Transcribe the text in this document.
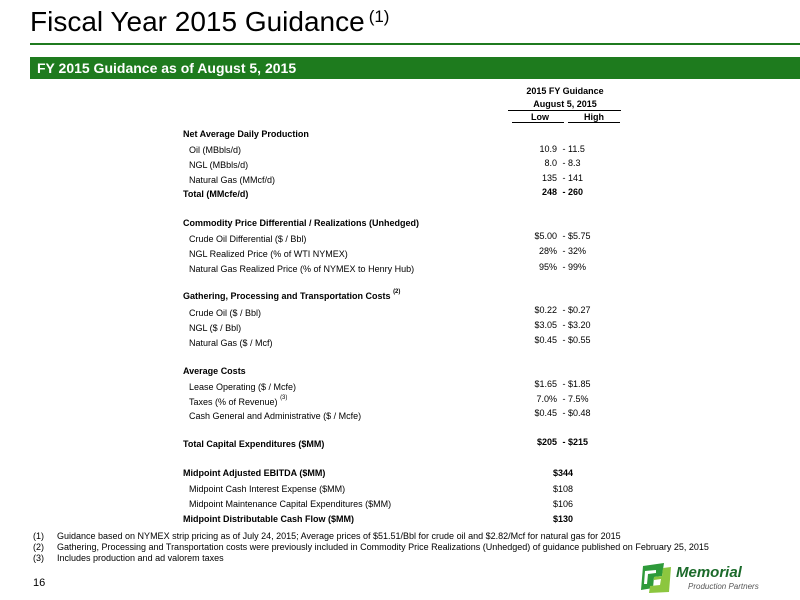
Fiscal Year 2015 Guidance $^{(1)}$
FY 2015 Guidance as of August 5, 2015
2015 FY Guidance
August 5, 2015
Low	High
Net Average Daily Production
Oil (MBbls/d)	10.9 - 11.5
NGL (MBbls/d)	8.0 - 8.3
Natural Gas (MMcf/d)	135 - 141
Total (MMcfe/d)	248 - 260
Commodity Price Differential / Realizations (Unhedged)
Crude Oil Differential ($ / Bbl)	$5.00 - $5.75
NGL Realized Price (% of WTI NYMEX)	28% - 32%
Natural Gas Realized Price (% of NYMEX to Henry Hub)	95% - 99%
Gathering, Processing and Transportation Costs $^{(2)}$
Crude Oil ($ / Bbl)	$0.22 - $0.27
NGL ($ / Bbl)	$3.05 - $3.20
Natural Gas ($ / Mcf)	$0.45 - $0.55
Average Costs
Lease Operating ($ / Mcfe)	$1.65 - $1.85
Taxes (% of Revenue) $^{(3)}$	7.0% - 7.5%
Cash General and Administrative ($ / Mcfe)	$0.45 - $0.48
Total Capital Expenditures ($MM)	$205 - $215
Midpoint Adjusted EBITDA ($MM)	$344
Midpoint Cash Interest Expense ($MM)	$108
Midpoint Maintenance Capital Expenditures ($MM)	$106
Midpoint Distributable Cash Flow ($MM)	$130
(1) Guidance based on NYMEX strip pricing as of July 24, 2015; Average prices of $51.51/Bbl for crude oil and $2.82/Mcf for natural gas for 2015
(2) Gathering, Processing and Transportation costs were previously included in Commodity Price Realizations (Unhedged) of guidance published on February 25, 2015
(3) Includes production and ad valorem taxes
16
Memorial
Production Partners
